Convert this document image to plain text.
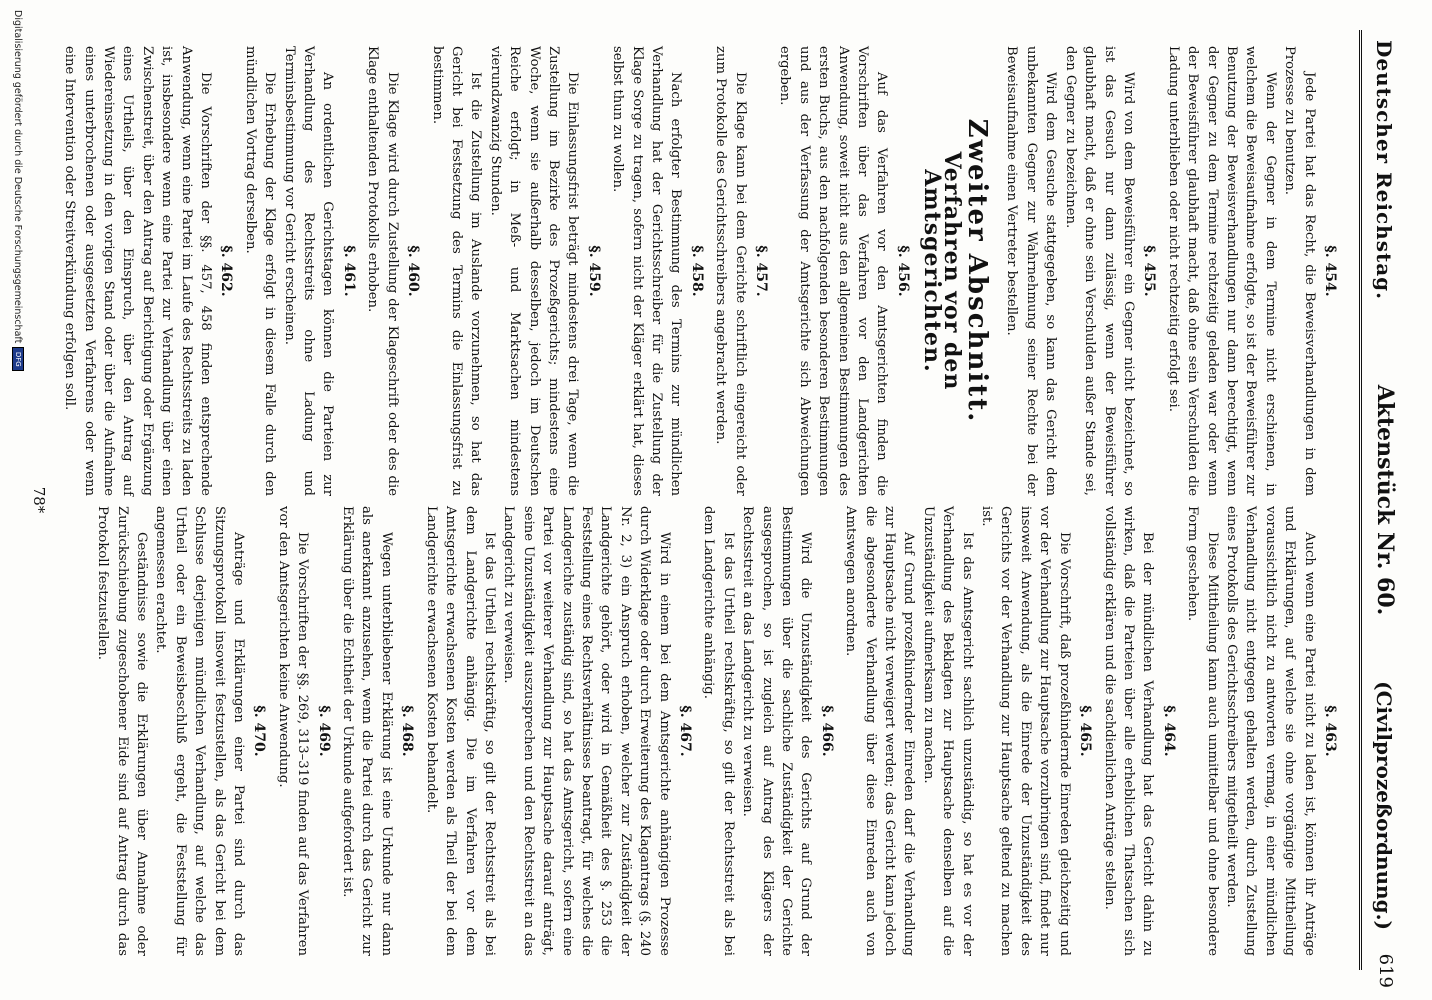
Deutscher Reichstag.
Aktenstück Nr. 60.
(Civilprozeßordnung.)
619
§. 454.

Jede Partei hat das Recht, die Beweisverhandlungen in dem Prozesse zu benutzen.

Wenn der Gegner in dem Termine nicht erschienen, in welchem die Beweisaufnahme erfolgte, so ist der Beweisführer zur Benutzung der Beweisverhandlungen nur dann berechtigt, wenn der Gegner zu dem Termine rechtzeitig geladen war oder wenn der Beweisführer glaubhaft macht, daß ohne sein Verschulden die Ladung unterblieben oder nicht rechtzeitig erfolgt sei.

§. 455.

Wird von dem Beweisführer ein Gegner nicht bezeichnet, so ist das Gesuch nur dann zulässig, wenn der Beweisführer glaubhaft macht, daß er ohne sein Verschulden außer Stande sei, den Gegner zu bezeichnen.

Wird dem Gesuche stattgegeben, so kann das Gericht dem unbekannten Gegner zur Wahrnehmung seiner Rechte bei der Beweisaufnahme einen Vertreter bestellen.

Zweiter Abschnitt.
Verfahren vor den Amtsgerichten.
§. 456.

Auf das Verfahren vor den Amtsgerichten finden die Vorschriften über das Verfahren vor den Landgerichten Anwendung, soweit nicht aus den allgemeinen Bestimmungen des ersten Buchs, aus den nachfolgenden besonderen Bestimmungen und aus der Verfassung der Amtsgerichte sich Abweichungen ergeben.

§. 457.

Die Klage kann bei dem Gerichte schriftlich eingereicht oder zum Protokolle des Gerichtsschreibers angebracht werden.

§. 458.

Nach erfolgter Bestimmung des Termins zur mündlichen Verhandlung hat der Gerichtsschreiber für die Zustellung der Klage Sorge zu tragen, sofern nicht der Kläger erklärt hat, dieses selbst thun zu wollen.

§. 459.

Die Einlassungsfrist beträgt mindestens drei Tage, wenn die Zustellung im Bezirke des Prozeßgerichts; mindestens eine Woche, wenn sie außerhalb desselben, jedoch im Deutschen Reiche erfolgt; in Meß- und Marktsachen mindestens vierundzwanzig Stunden.

Ist die Zustellung im Auslande vorzunehmen, so hat das Gericht bei Festsetzung des Termins die Einlassungsfrist zu bestimmen.

§. 460.

Die Klage wird durch Zustellung der Klageschrift oder des die Klage enthaltenden Protokolls erhoben.

§. 461.

An ordentlichen Gerichtstagen können die Parteien zur Verhandlung des Rechtsstreits ohne Ladung und Terminsbestimmung vor Gericht erscheinen.

Die Erhebung der Klage erfolgt in diesem Falle durch den mündlichen Vortrag derselben.

§. 462.

Die Vorschriften der §§. 457, 458 finden entsprechende Anwendung, wenn eine Partei im Laufe des Rechtsstreits zu laden ist, insbesondere wenn eine Partei zur Verhandlung über einen Zwischenstreit, über den Antrag auf Berichtigung oder Ergänzung eines Urtheils, über den Einspruch, über den Antrag auf Wiedereinsetzung in den vorigen Stand oder über die Aufnahme eines unterbrochenen oder ausgesetzten Verfahrens oder wenn eine Intervention oder Streitverkündung erfolgen soll.

§. 463.

Auch wenn eine Partei nicht zu laden ist, können ihr Anträge und Erklärungen, auf welche sie ohne vorgängige Mittheilung voraussichtlich nicht zu antworten vermag, in einer mündlichen Verhandlung nicht entgegen gehalten werden, durch Zustellung eines Protokolls des Gerichtsschreibers mitgetheilt werden.

Diese Mittheilung kann auch unmittelbar und ohne besondere Form geschehen.

§. 464.

Bei der mündlichen Verhandlung hat das Gericht dahin zu wirken, daß die Parteien über alle erheblichen Thatsachen sich vollständig erklären und die sachdienlichen Anträge stellen.

§. 465.

Die Vorschrift, daß prozeßhindernde Einreden gleichzeitig und vor der Verhandlung zur Hauptsache vorzubringen sind, findet nur insoweit Anwendung, als die Einrede der Unzuständigkeit des Gerichts vor der Verhandlung zur Hauptsache geltend zu machen ist.

Ist das Amtsgericht sachlich unzuständig, so hat es vor der Verhandlung des Beklagten zur Hauptsache denselben auf die Unzuständigkeit aufmerksam zu machen.

Auf Grund prozeßhindernder Einreden darf die Verhandlung zur Hauptsache nicht verweigert werden; das Gericht kann jedoch die abgesonderte Verhandlung über diese Einreden auch von Amtswegen anordnen.

§. 466.

Wird die Unzuständigkeit des Gerichts auf Grund der Bestimmungen über die sachliche Zuständigkeit der Gerichte ausgesprochen, so ist zugleich auf Antrag des Klägers der Rechtsstreit an das Landgericht zu verweisen.

Ist das Urtheil rechtskräftig, so gilt der Rechtsstreit als bei dem Landgerichte anhängig.

§. 467.

Wird in einem bei dem Amtsgerichte anhängigen Prozesse durch Widerklage oder durch Erweiterung des Klagantrags (§. 240 Nr. 2, 3) ein Anspruch erhoben, welcher zur Zuständigkeit der Landgerichte gehört, oder wird in Gemäßheit des §. 253 die Feststellung eines Rechtsverhältnisses beantragt, für welches die Landgerichte zuständig sind, so hat das Amtsgericht, sofern eine Partei vor weiterer Verhandlung zur Hauptsache darauf anträgt, seine Unzuständigkeit auszusprechen und den Rechtsstreit an das Landgericht zu verweisen.

Ist das Urtheil rechtskräftig, so gilt der Rechtsstreit als bei dem Landgerichte anhängig. Die im Verfahren vor dem Amtsgerichte erwachsenen Kosten werden als Theil der bei dem Landgerichte erwachsenen Kosten behandelt.

§. 468.

Wegen unterbliebener Erklärung ist eine Urkunde nur dann als anerkannt anzusehen, wenn die Partei durch das Gericht zur Erklärung über die Echtheit der Urkunde aufgefordert ist.

§. 469.

Die Vorschriften der §§. 269, 313–319 finden auf das Verfahren vor den Amtsgerichten keine Anwendung.

§. 470.

Anträge und Erklärungen einer Partei sind durch das Sitzungsprotokoll insoweit festzustellen, als das Gericht bei dem Schlusse derjenigen mündlichen Verhandlung, auf welche das Urtheil oder ein Beweisbeschluß ergeht, die Feststellung für angemessen erachtet.

Geständnisse sowie die Erklärungen über Annahme oder Zurückschiebung zugeschobener Eide sind auf Antrag durch das Protokoll festzustellen.

78*
Digitalisierung gefördert durch die Deutsche Forschungsgemeinschaft
DFG
